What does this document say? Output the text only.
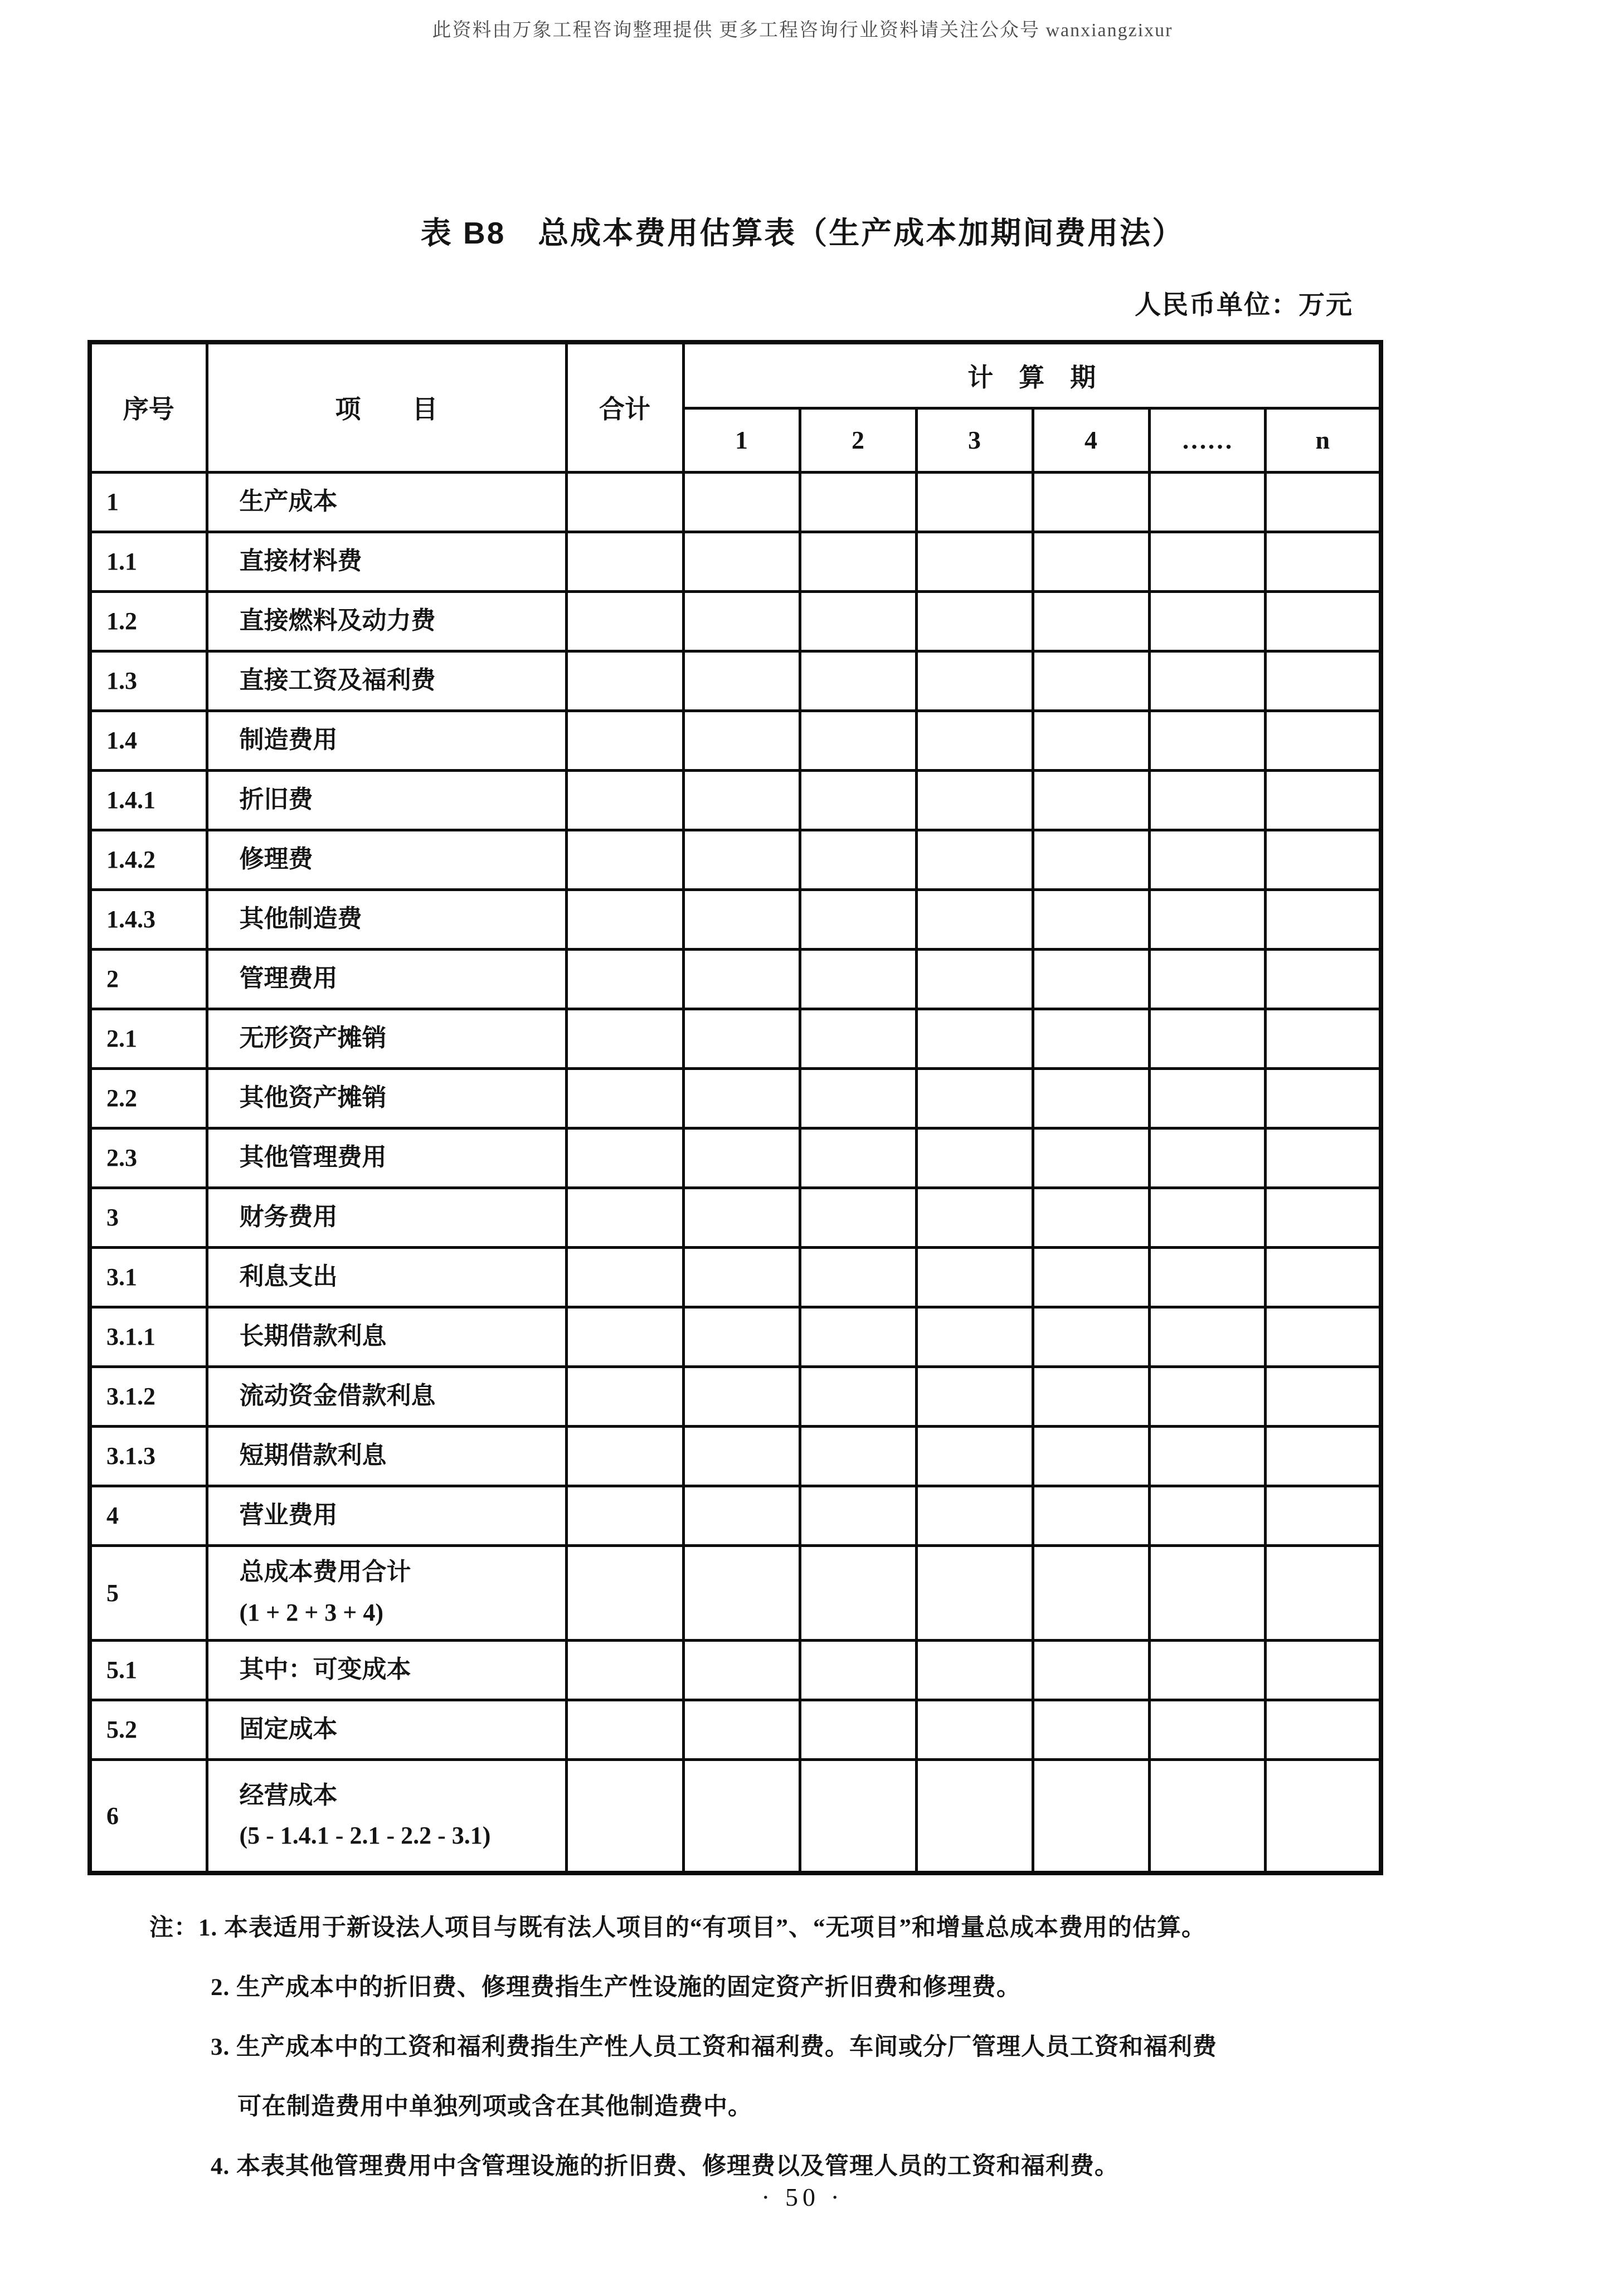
此资料由万象工程咨询整理提供 更多工程咨询行业资料请关注公众号 wanxiangzixur
表 B8　总成本费用估算表（生产成本加期间费用法）
人民币单位：万元
序号	项　　目	合计	计　算　期					
			1	2	3	4	……	n
1	生产成本							

1.1	直接材料费							

1.2	直接燃料及动力费							

1.3	直接工资及福利费							

1.4	制造费用							

1.4.1	折旧费							

1.4.2	修理费							

1.4.3	其他制造费							

2	管理费用							

2.1	无形资产摊销							

2.2	其他资产摊销							

2.3	其他管理费用							

3	财务费用							

3.1	利息支出							

3.1.1	长期借款利息							

3.1.2	流动资金借款利息							

3.1.3	短期借款利息							

4	营业费用							

5	总成本费用合计
(1 + 2 + 3 + 4)							

5.1	其中：可变成本							

5.2	固定成本							

6	经营成本
(5 - 1.4.1 - 2.1 - 2.2 - 3.1)							

注：1. 本表适用于新设法人项目与既有法人项目的“有项目”、“无项目”和增量总成本费用的估算。
2. 生产成本中的折旧费、修理费指生产性设施的固定资产折旧费和修理费。
3. 生产成本中的工资和福利费指生产性人员工资和福利费。车间或分厂管理人员工资和福利费
可在制造费用中单独列项或含在其他制造费中。
4. 本表其他管理费用中含管理设施的折旧费、修理费以及管理人员的工资和福利费。
· 50 ·
